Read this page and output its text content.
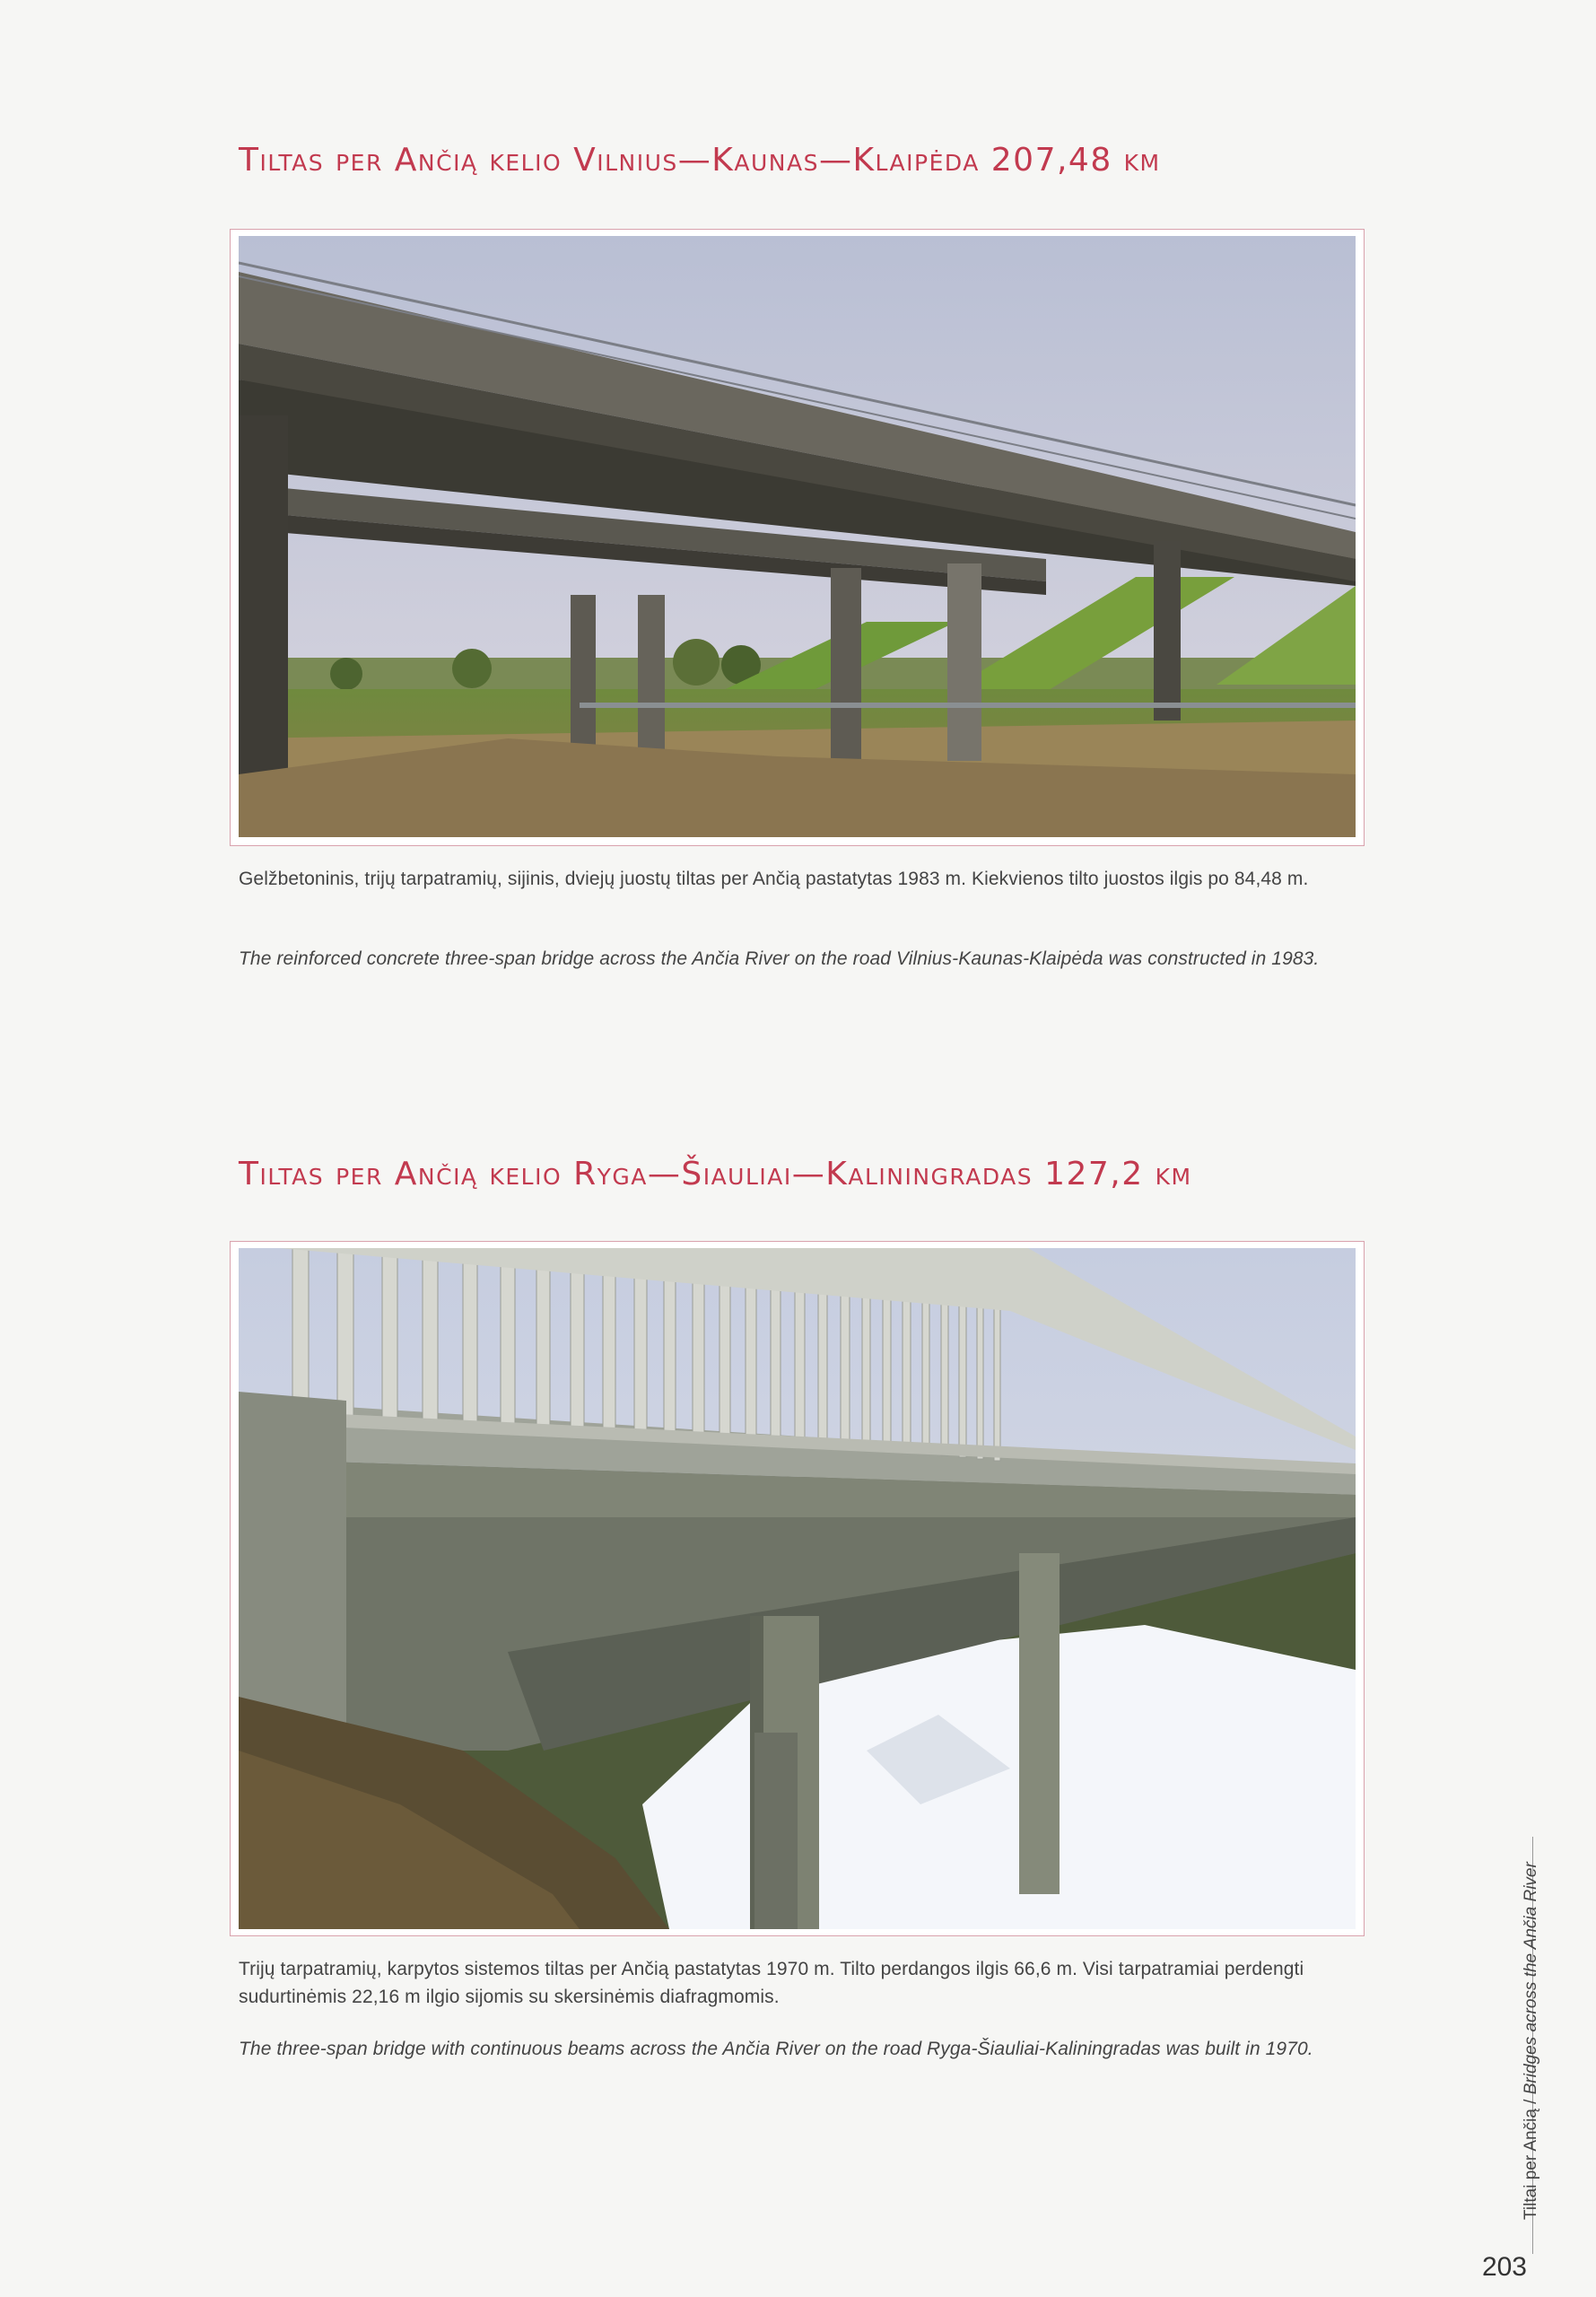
Tiltas per Ančią kelio Vilnius—Kaunas—Klaipėda 207,48 km

Gelžbetoninis, trijų tarpatramių, sijinis, dviejų juostų tiltas per Ančią pastatytas 1983 m. Kiekvienos tilto juostos ilgis po 84,48 m.

The reinforced concrete three-span bridge across the Ančia River on the road Vilnius-Kaunas-Klaipėda was constructed in 1983.

Tiltas per Ančią kelio Ryga—Šiauliai—Kaliningradas 127,2 km

Trijų tarpatramių, karpytos sistemos tiltas per Ančią pastatytas 1970 m. Tilto perdangos ilgis 66,6 m. Visi tarpatramiai perdengti sudurtinėmis 22,16 m ilgio sijomis su skersinėmis diafragmomis.

The three-span bridge with continuous beams across the Ančia River on the road Ryga-Šiauliai-Kaliningradas was built in 1970.

Tiltai per Ančią / Bridges across the Ančia River
203
